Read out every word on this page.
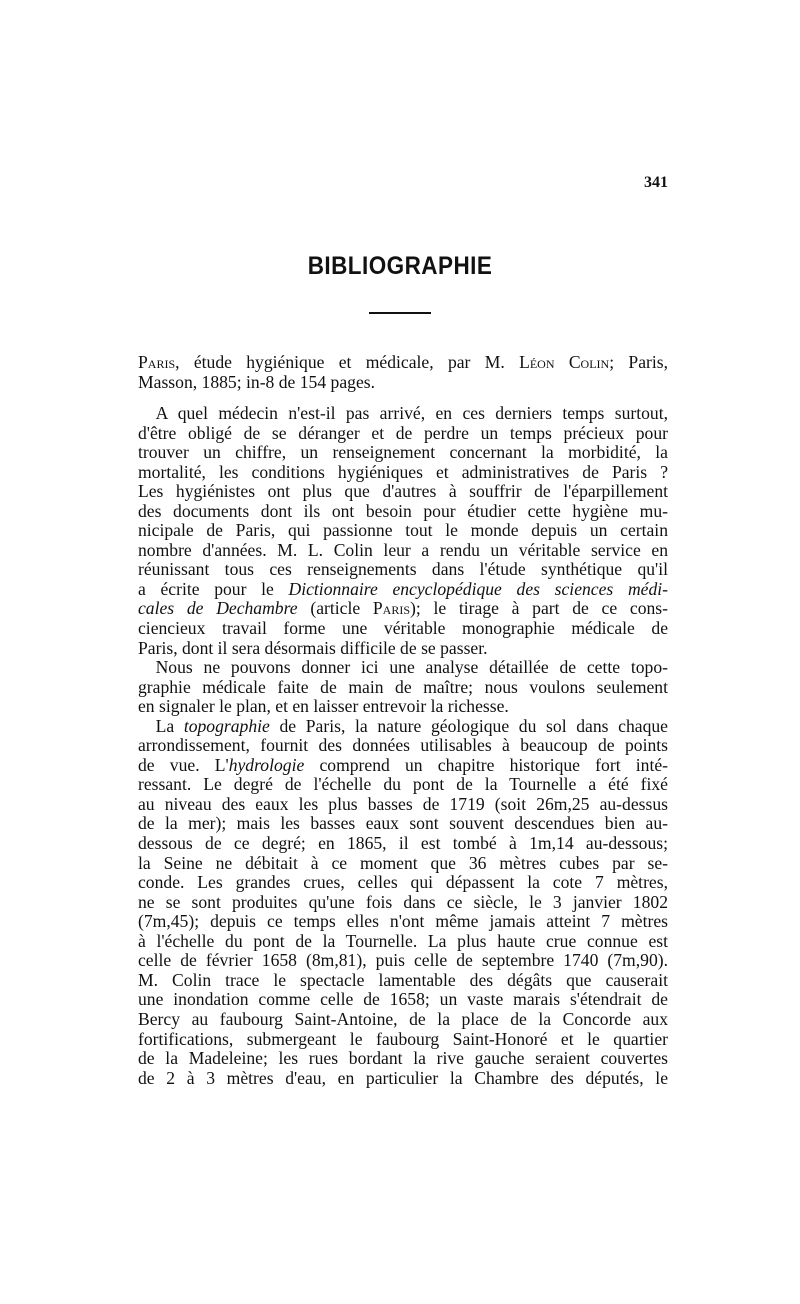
341
BIBLIOGRAPHIE
Paris, étude hygiénique et médicale, par M. Léon Colin; Paris,
Masson, 1885; in-8 de 154 pages.
 A quel médecin n'est-il pas arrivé, en ces derniers temps surtout,
d'être obligé de se déranger et de perdre un temps précieux pour
trouver un chiffre, un renseignement concernant la morbidité, la
mortalité, les conditions hygiéniques et administratives de Paris ?
Les hygiénistes ont plus que d'autres à souffrir de l'éparpillement
des documents dont ils ont besoin pour étudier cette hygiène mu-
nicipale de Paris, qui passionne tout le monde depuis un certain
nombre d'années. M. L. Colin leur a rendu un véritable service en
réunissant tous ces renseignements dans l'étude synthétique qu'il
a écrite pour le Dictionnaire encyclopédique des sciences médi-
cales de Dechambre (article Paris); le tirage à part de ce cons-
ciencieux travail forme une véritable monographie médicale de
Paris, dont il sera désormais difficile de se passer.
 Nous ne pouvons donner ici une analyse détaillée de cette topo-
graphie médicale faite de main de maître; nous voulons seulement
en signaler le plan, et en laisser entrevoir la richesse.
 La topographie de Paris, la nature géologique du sol dans chaque
arrondissement, fournit des données utilisables à beaucoup de points
de vue. L'hydrologie comprend un chapitre historique fort inté-
ressant. Le degré de l'échelle du pont de la Tournelle a été fixé
au niveau des eaux les plus basses de 1719 (soit 26m,25 au-dessus
de la mer); mais les basses eaux sont souvent descendues bien au-
dessous de ce degré; en 1865, il est tombé à 1m,14 au-dessous;
la Seine ne débitait à ce moment que 36 mètres cubes par se-
conde. Les grandes crues, celles qui dépassent la cote 7 mètres,
ne se sont produites qu'une fois dans ce siècle, le 3 janvier 1802
(7m,45); depuis ce temps elles n'ont même jamais atteint 7 mètres
à l'échelle du pont de la Tournelle. La plus haute crue connue est
celle de février 1658 (8m,81), puis celle de septembre 1740 (7m,90).
M. Colin trace le spectacle lamentable des dégâts que causerait
une inondation comme celle de 1658; un vaste marais s'étendrait de
Bercy au faubourg Saint-Antoine, de la place de la Concorde aux
fortifications, submergeant le faubourg Saint-Honoré et le quartier
de la Madeleine; les rues bordant la rive gauche seraient couvertes
de 2 à 3 mètres d'eau, en particulier la Chambre des députés, le
